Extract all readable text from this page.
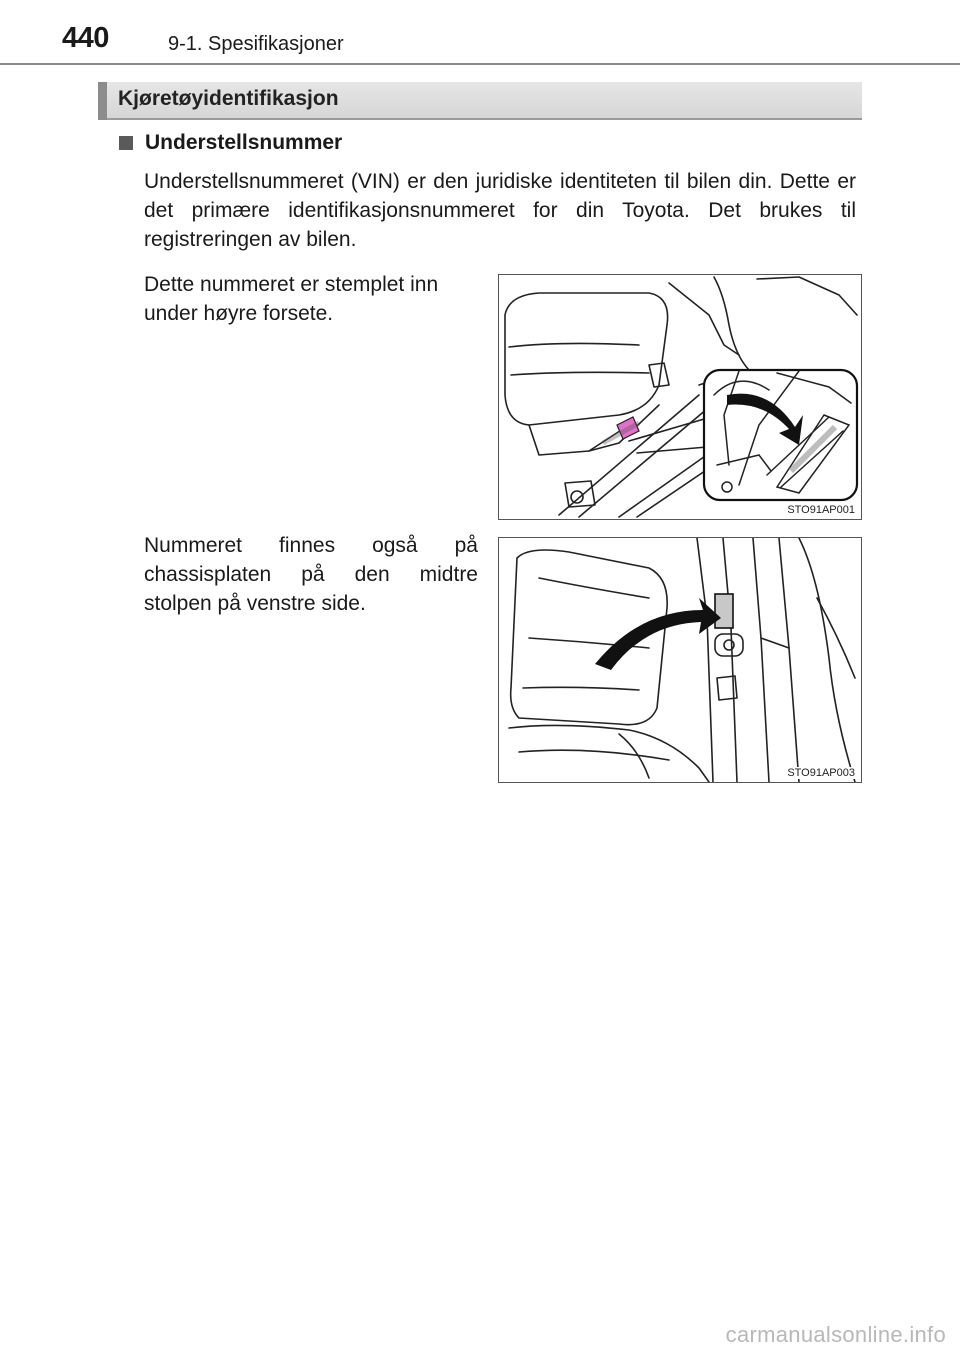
440	9-1. Spesifikasjoner
Kjøretøyidentifikasjon
Understellsnummer
Understellsnummeret (VIN) er den juridiske identiteten til bilen din. Dette er det primære identifikasjonsnummeret for din Toyota. Det brukes til registreringen av bilen.
Dette nummeret er stemplet inn under høyre forsete.
STO91AP001
Nummeret finnes også på chassisplaten på den midtre stolpen på venstre side.
STO91AP003
carmanualsonline.info
